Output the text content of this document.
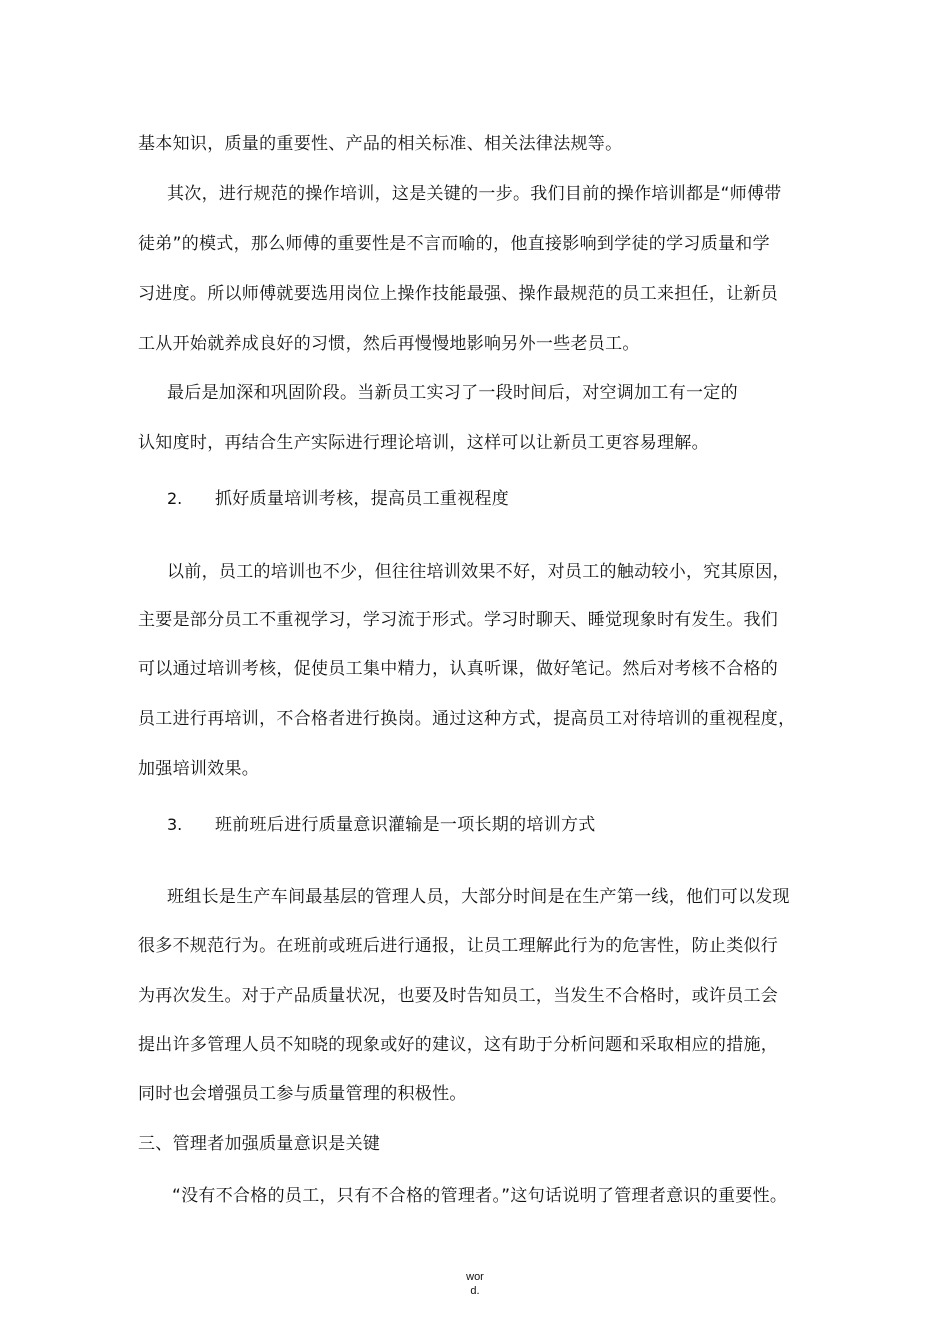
基本知识，质量的重要性、产品的相关标准、相关法律法规等。
其次，进行规范的操作培训，这是关键的一步。我们目前的操作培训都是“师傅带
徒弟”的模式，那么师傅的重要性是不言而喻的，他直接影响到学徒的学习质量和学
习进度。所以师傅就要选用岗位上操作技能最强、操作最规范的员工来担任，让新员
工从开始就养成良好的习惯，然后再慢慢地影响另外一些老员工。
最后是加深和巩固阶段。当新员工实习了一段时间后，对空调加工有一定的
认知度时，再结合生产实际进行理论培训，这样可以让新员工更容易理解。
2. 抓好质量培训考核，提高员工重视程度
以前，员工的培训也不少，但往往培训效果不好，对员工的触动较小，究其原因，
主要是部分员工不重视学习，学习流于形式。学习时聊天、睡觉现象时有发生。我们
可以通过培训考核，促使员工集中精力，认真听课，做好笔记。然后对考核不合格的
员工进行再培训，不合格者进行换岗。通过这种方式，提高员工对待培训的重视程度，
加强培训效果。
3. 班前班后进行质量意识灌输是一项长期的培训方式
班组长是生产车间最基层的管理人员，大部分时间是在生产第一线，他们可以发现
很多不规范行为。在班前或班后进行通报，让员工理解此行为的危害性，防止类似行
为再次发生。对于产品质量状况，也要及时告知员工，当发生不合格时，或许员工会
提出许多管理人员不知晓的现象或好的建议，这有助于分析问题和采取相应的措施，
同时也会增强员工参与质量管理的积极性。
三、管理者加强质量意识是关键
“没有不合格的员工，只有不合格的管理者。”这句话说明了管理者意识的重要性。
wor
d.
